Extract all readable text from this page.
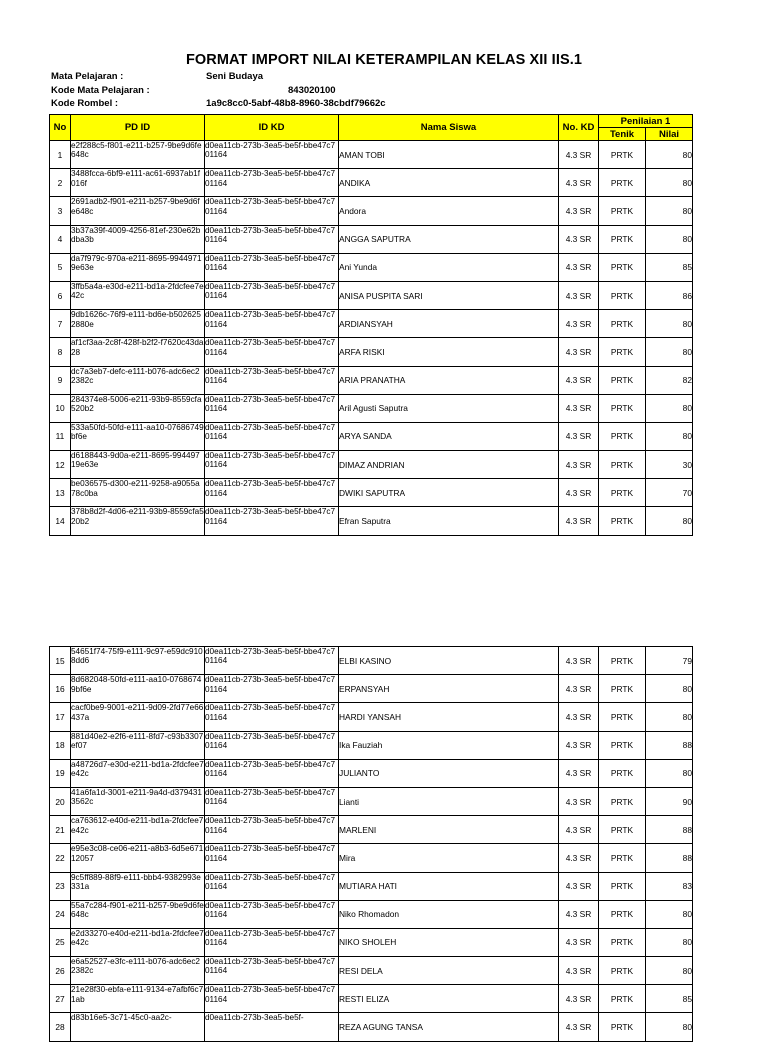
FORMAT IMPORT NILAI KETERAMPILAN KELAS XII IIS.1
Mata Pelajaran :	Seni Budaya
Kode Mata Pelajaran :	843020100
Kode Rombel :	1a9c8cc0-5abf-48b8-8960-38cbdf79662c
No	PD ID	ID KD	Nama Siswa	No. KD	Penilaian 1	
					Tenik	Nilai
1	e2f288c5-f801-e211-b257-9be9d6fe648c	d0ea11cb-273b-3ea5-be5f-bbe47c701164	AMAN TOBI	4.3 SR	PRTK	80
2	3488fcca-6bf9-e111-ac61-6937ab1f016f	d0ea11cb-273b-3ea5-be5f-bbe47c701164	ANDIKA	4.3 SR	PRTK	80
3	2691adb2-f901-e211-b257-9be9d6fe648c	d0ea11cb-273b-3ea5-be5f-bbe47c701164	Andora	4.3 SR	PRTK	80
4	3b37a39f-4009-4256-81ef-230e62bdba3b	d0ea11cb-273b-3ea5-be5f-bbe47c701164	ANGGA SAPUTRA	4.3 SR	PRTK	80
5	da7f979c-970a-e211-8695-99449719e63e	d0ea11cb-273b-3ea5-be5f-bbe47c701164	Ani Yunda	4.3 SR	PRTK	85
6	3ffb5a4a-e30d-e211-bd1a-2fdcfee7e42c	d0ea11cb-273b-3ea5-be5f-bbe47c701164	ANISA PUSPITA SARI	4.3 SR	PRTK	86
7	9db1626c-76f9-e111-bd6e-b5026252880e	d0ea11cb-273b-3ea5-be5f-bbe47c701164	ARDIANSYAH	4.3 SR	PRTK	80
8	af1cf3aa-2c8f-428f-b2f2-f7620c43da28	d0ea11cb-273b-3ea5-be5f-bbe47c701164	ARFA RISKI	4.3 SR	PRTK	80
9	dc7a3eb7-defc-e111-b076-adc6ec22382c	d0ea11cb-273b-3ea5-be5f-bbe47c701164	ARIA PRANATHA	4.3 SR	PRTK	82
10	284374e8-5006-e211-93b9-8559cfa520b2	d0ea11cb-273b-3ea5-be5f-bbe47c701164	Aril Agusti Saputra	4.3 SR	PRTK	80
11	533a50fd-50fd-e111-aa10-07686749bf6e	d0ea11cb-273b-3ea5-be5f-bbe47c701164	ARYA SANDA	4.3 SR	PRTK	80
12	d6188443-9d0a-e211-8695-99449719e63e	d0ea11cb-273b-3ea5-be5f-bbe47c701164	DIMAZ ANDRIAN	4.3 SR	PRTK	30
13	be036575-d300-e211-9258-a9055a78c0ba	d0ea11cb-273b-3ea5-be5f-bbe47c701164	DWIKI SAPUTRA	4.3 SR	PRTK	70
14	378b8d2f-4d06-e211-93b9-8559cfa520b2	d0ea11cb-273b-3ea5-be5f-bbe47c701164	Efran Saputra	4.3 SR	PRTK	80
15	54651f74-75f9-e111-9c97-e59dc9108dd6	d0ea11cb-273b-3ea5-be5f-bbe47c701164	ELBI KASINO	4.3 SR	PRTK	79
16	8d682048-50fd-e111-aa10-07686749bf6e	d0ea11cb-273b-3ea5-be5f-bbe47c701164	ERPANSYAH	4.3 SR	PRTK	80
17	cacf0be9-9001-e211-9d09-2fd77e66437a	d0ea11cb-273b-3ea5-be5f-bbe47c701164	HARDI YANSAH	4.3 SR	PRTK	80
18	881d40e2-e2f6-e111-8fd7-c93b3307ef07	d0ea11cb-273b-3ea5-be5f-bbe47c701164	Ika Fauziah	4.3 SR	PRTK	88
19	a48726d7-e30d-e211-bd1a-2fdcfee7e42c	d0ea11cb-273b-3ea5-be5f-bbe47c701164	JULIANTO	4.3 SR	PRTK	80
20	41a6fa1d-3001-e211-9a4d-d3794313562c	d0ea11cb-273b-3ea5-be5f-bbe47c701164	Lianti	4.3 SR	PRTK	90
21	ca763612-e40d-e211-bd1a-2fdcfee7e42c	d0ea11cb-273b-3ea5-be5f-bbe47c701164	MARLENI	4.3 SR	PRTK	88
22	e95e3c08-ce06-e211-a8b3-6d5e67112057	d0ea11cb-273b-3ea5-be5f-bbe47c701164	Mira	4.3 SR	PRTK	88
23	9c5ff889-88f9-e111-bbb4-9382993e331a	d0ea11cb-273b-3ea5-be5f-bbe47c701164	MUTIARA HATI	4.3 SR	PRTK	83
24	55a7c284-f901-e211-b257-9be9d6fe648c	d0ea11cb-273b-3ea5-be5f-bbe47c701164	Niko Rhomadon	4.3 SR	PRTK	80
25	e2d33270-e40d-e211-bd1a-2fdcfee7e42c	d0ea11cb-273b-3ea5-be5f-bbe47c701164	NIKO SHOLEH	4.3 SR	PRTK	80
26	e6a52527-e3fc-e111-b076-adc6ec22382c	d0ea11cb-273b-3ea5-be5f-bbe47c701164	RESI DELA	4.3 SR	PRTK	80
27	21e28f30-ebfa-e111-9134-e7afbf6c71ab	d0ea11cb-273b-3ea5-be5f-bbe47c701164	RESTI ELIZA	4.3 SR	PRTK	85
28	d83b16e5-3c71-45c0-aa2c-	d0ea11cb-273b-3ea5-be5f-	REZA AGUNG TANSA	4.3 SR	PRTK	80
